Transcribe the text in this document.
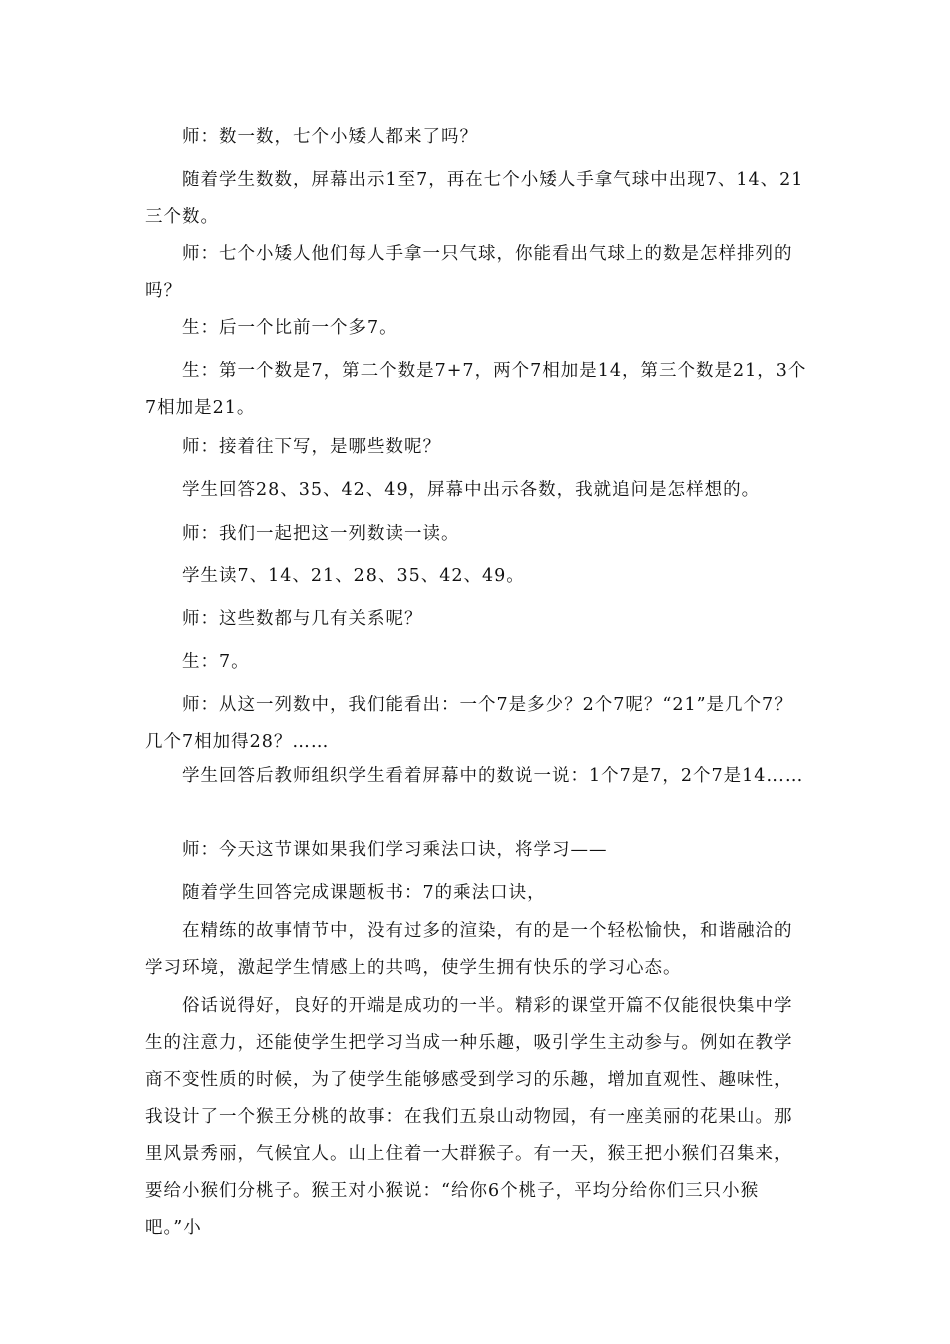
师：数一数，七个小矮人都来了吗？

随着学生数数，屏幕出示1至7，再在七个小矮人手拿气球中出现7、14、21三个数。

师：七个小矮人他们每人手拿一只气球，你能看出气球上的数是怎样排列的吗？

生：后一个比前一个多7。

生：第一个数是7，第二个数是7+7，两个7相加是14，第三个数是21，3个7相加是21。

师：接着往下写，是哪些数呢？

学生回答28、35、42、49，屏幕中出示各数，我就追问是怎样想的。

师：我们一起把这一列数读一读。

学生读7、14、21、28、35、42、49。

师：这些数都与几有关系呢？

生：7。

师：从这一列数中，我们能看出：一个7是多少？2个7呢？“21”是几个7？几个7相加得28？……

学生回答后教师组织学生看着屏幕中的数说一说：1个7是7，2个7是14……

师：今天这节课如果我们学习乘法口诀，将学习——

随着学生回答完成课题板书：7的乘法口诀，

在精练的故事情节中，没有过多的渲染，有的是一个轻松愉快，和谐融洽的学习环境，激起学生情感上的共鸣，使学生拥有快乐的学习心态。

俗话说得好，良好的开端是成功的一半。精彩的课堂开篇不仅能很快集中学生的注意力，还能使学生把学习当成一种乐趣，吸引学生主动参与。例如在教学商不变性质的时候，为了使学生能够感受到学习的乐趣，增加直观性、趣味性，我设计了一个猴王分桃的故事：在我们五泉山动物园，有一座美丽的花果山。那里风景秀丽，气候宜人。山上住着一大群猴子。有一天，猴王把小猴们召集来，要给小猴们分桃子。猴王对小猴说：“给你6个桃子，平均分给你们三只小猴吧。”小
